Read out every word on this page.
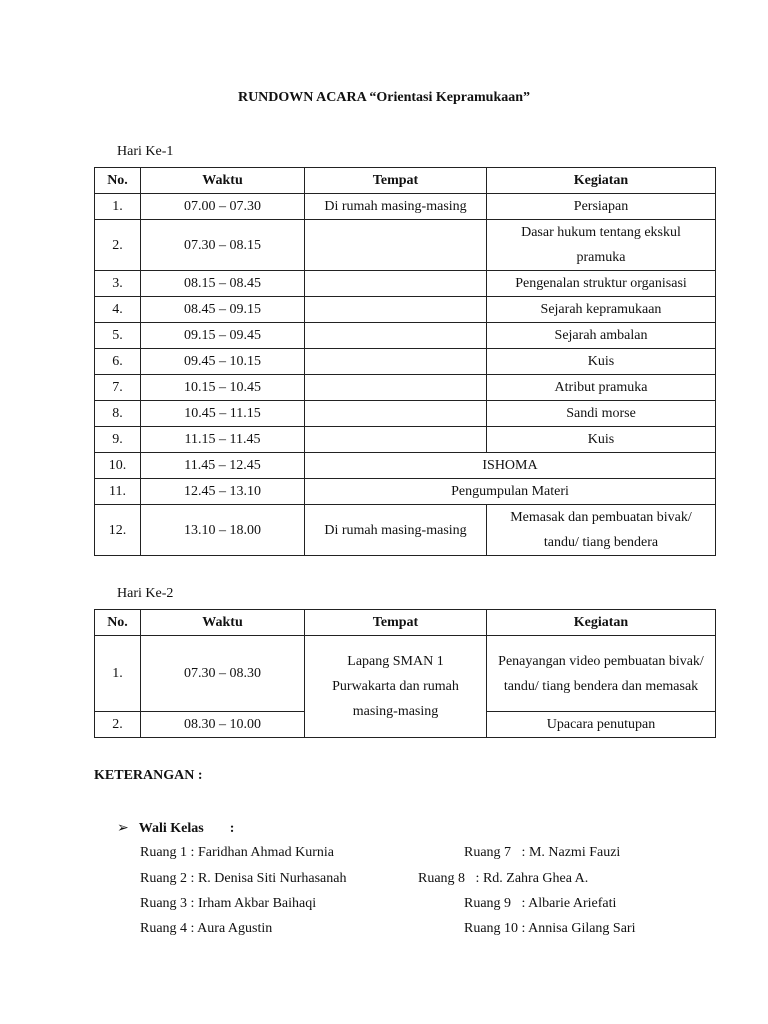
RUNDOWN ACARA “Orientasi Kepramukaan”
Hari Ke-1
No.	Waktu	Tempat	Kegiatan
1.	07.00 – 07.30	Di rumah masing-masing	Persiapan
2.	07.30 – 08.15		Dasar hukum tentang ekskul pramuka
3.	08.15 – 08.45		Pengenalan struktur organisasi
4.	08.45 – 09.15		Sejarah kepramukaan
5.	09.15 – 09.45		Sejarah ambalan
6.	09.45 – 10.15		Kuis
7.	10.15 – 10.45		Atribut pramuka
8.	10.45 – 11.15		Sandi morse
9.	11.15 – 11.45		Kuis
10.	11.45 – 12.45	ISHOMA	
11.	12.45 – 13.10	Pengumpulan Materi	
12.	13.10 – 18.00	Di rumah masing-masing	Memasak dan pembuatan bivak/ tandu/ tiang bendera
Hari Ke-2
No.	Waktu	Tempat	Kegiatan
1.	07.30 – 08.30	Lapang SMAN 1 Purwakarta dan rumah masing-masing	Penayangan video pembuatan bivak/ tandu/ tiang bendera dan memasak
2.	08.30 – 10.00		Upacara penutupan
KETERANGAN :
➢ Wali Kelas :
Ruang 1 : Faridhan Ahmad Kurnia
Ruang 2 : R. Denisa Siti Nurhasanah
Ruang 3 : Irham Akbar Baihaqi
Ruang 4 : Aura Agustin
Ruang 7   : M. Nazmi Fauzi
Ruang 8   : Rd. Zahra Ghea A.
Ruang 9   : Albarie Ariefati
Ruang 10 : Annisa Gilang Sari
